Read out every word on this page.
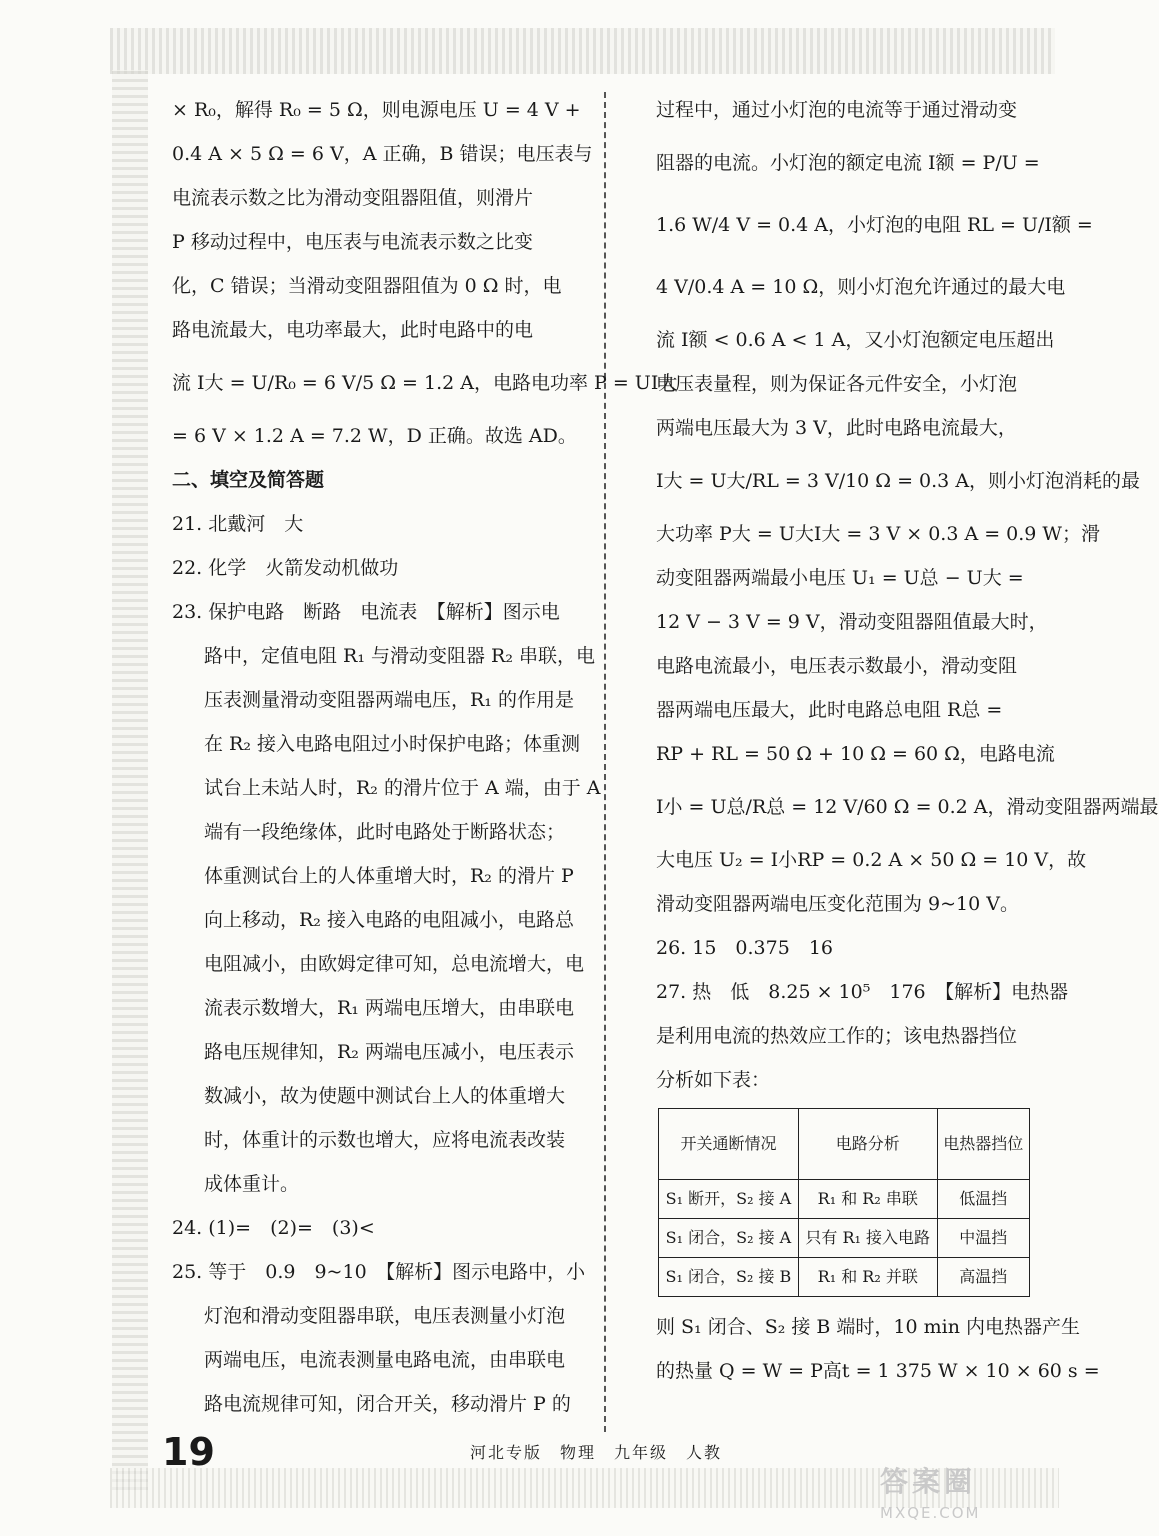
× R₀，解得 R₀ = 5 Ω，则电源电压 U = 4 V +

0.4 A × 5 Ω = 6 V，A 正确，B 错误；电压表与

电流表示数之比为滑动变阻器阻值，则滑片

P 移动过程中，电压表与电流表示数之比变

化，C 错误；当滑动变阻器阻值为 0 Ω 时，电

路电流最大，电功率最大，此时电路中的电

流 I大 = U/R₀ = 6 V/5 Ω = 1.2 A，电路电功率 P = UI大

= 6 V × 1.2 A = 7.2 W，D 正确。故选 AD。

二、填空及简答题

21. 北戴河　大

22. 化学　火箭发动机做功

23. 保护电路　断路　电流表　【解析】图示电

路中，定值电阻 R₁ 与滑动变阻器 R₂ 串联，电

压表测量滑动变阻器两端电压，R₁ 的作用是

在 R₂ 接入电路电阻过小时保护电路；体重测

试台上未站人时，R₂ 的滑片位于 A 端，由于 A

端有一段绝缘体，此时电路处于断路状态；

体重测试台上的人体重增大时，R₂ 的滑片 P

向上移动，R₂ 接入电路的电阻减小，电路总

电阻减小，由欧姆定律可知，总电流增大，电

流表示数增大，R₁ 两端电压增大，由串联电

路电压规律知，R₂ 两端电压减小，电压表示

数减小，故为使题中测试台上人的体重增大

时，体重计的示数也增大，应将电流表改装

成体重计。

24. (1)=　(2)=　(3)<

25. 等于　0.9　9~10　【解析】图示电路中，小

灯泡和滑动变阻器串联，电压表测量小灯泡

两端电压，电流表测量电路电流，由串联电

路电流规律可知，闭合开关，移动滑片 P 的

过程中，通过小灯泡的电流等于通过滑动变

阻器的电流。小灯泡的额定电流 I额 = P/U =

1.6 W/4 V = 0.4 A，小灯泡的电阻 RL = U/I额 =

4 V/0.4 A = 10 Ω，则小灯泡允许通过的最大电

流 I额 < 0.6 A < 1 A，又小灯泡额定电压超出

电压表量程，则为保证各元件安全，小灯泡

两端电压最大为 3 V，此时电路电流最大，

I大 = U大/RL = 3 V/10 Ω = 0.3 A，则小灯泡消耗的最

大功率 P大 = U大I大 = 3 V × 0.3 A = 0.9 W；滑

动变阻器两端最小电压 U₁ = U总 − U大 =

12 V − 3 V = 9 V，滑动变阻器阻值最大时，

电路电流最小，电压表示数最小，滑动变阻

器两端电压最大，此时电路总电阻 R总 =

RP + RL = 50 Ω + 10 Ω = 60 Ω，电路电流

I小 = U总/R总 = 12 V/60 Ω = 0.2 A，滑动变阻器两端最

大电压 U₂ = I小RP = 0.2 A × 50 Ω = 10 V，故

滑动变阻器两端电压变化范围为 9~10 V。

26. 15　0.375　16

27. 热　低　8.25 × 10⁵　176　【解析】电热器

是利用电流的热效应工作的；该电热器挡位

分析如下表：

开关通断情况	电路分析	电热器挡位
S₁ 断开，S₂ 接 A	R₁ 和 R₂ 串联	低温挡
S₁ 闭合，S₂ 接 A	只有 R₁ 接入电路	中温挡
S₁ 闭合，S₂ 接 B	R₁ 和 R₂ 并联	高温挡

则 S₁ 闭合、S₂ 接 B 端时，10 min 内电热器产生

的热量 Q = W = P高t = 1 375 W × 10 × 60 s =

19	河北专版　物理　九年级　人教
答案圈
MXQE.COM
